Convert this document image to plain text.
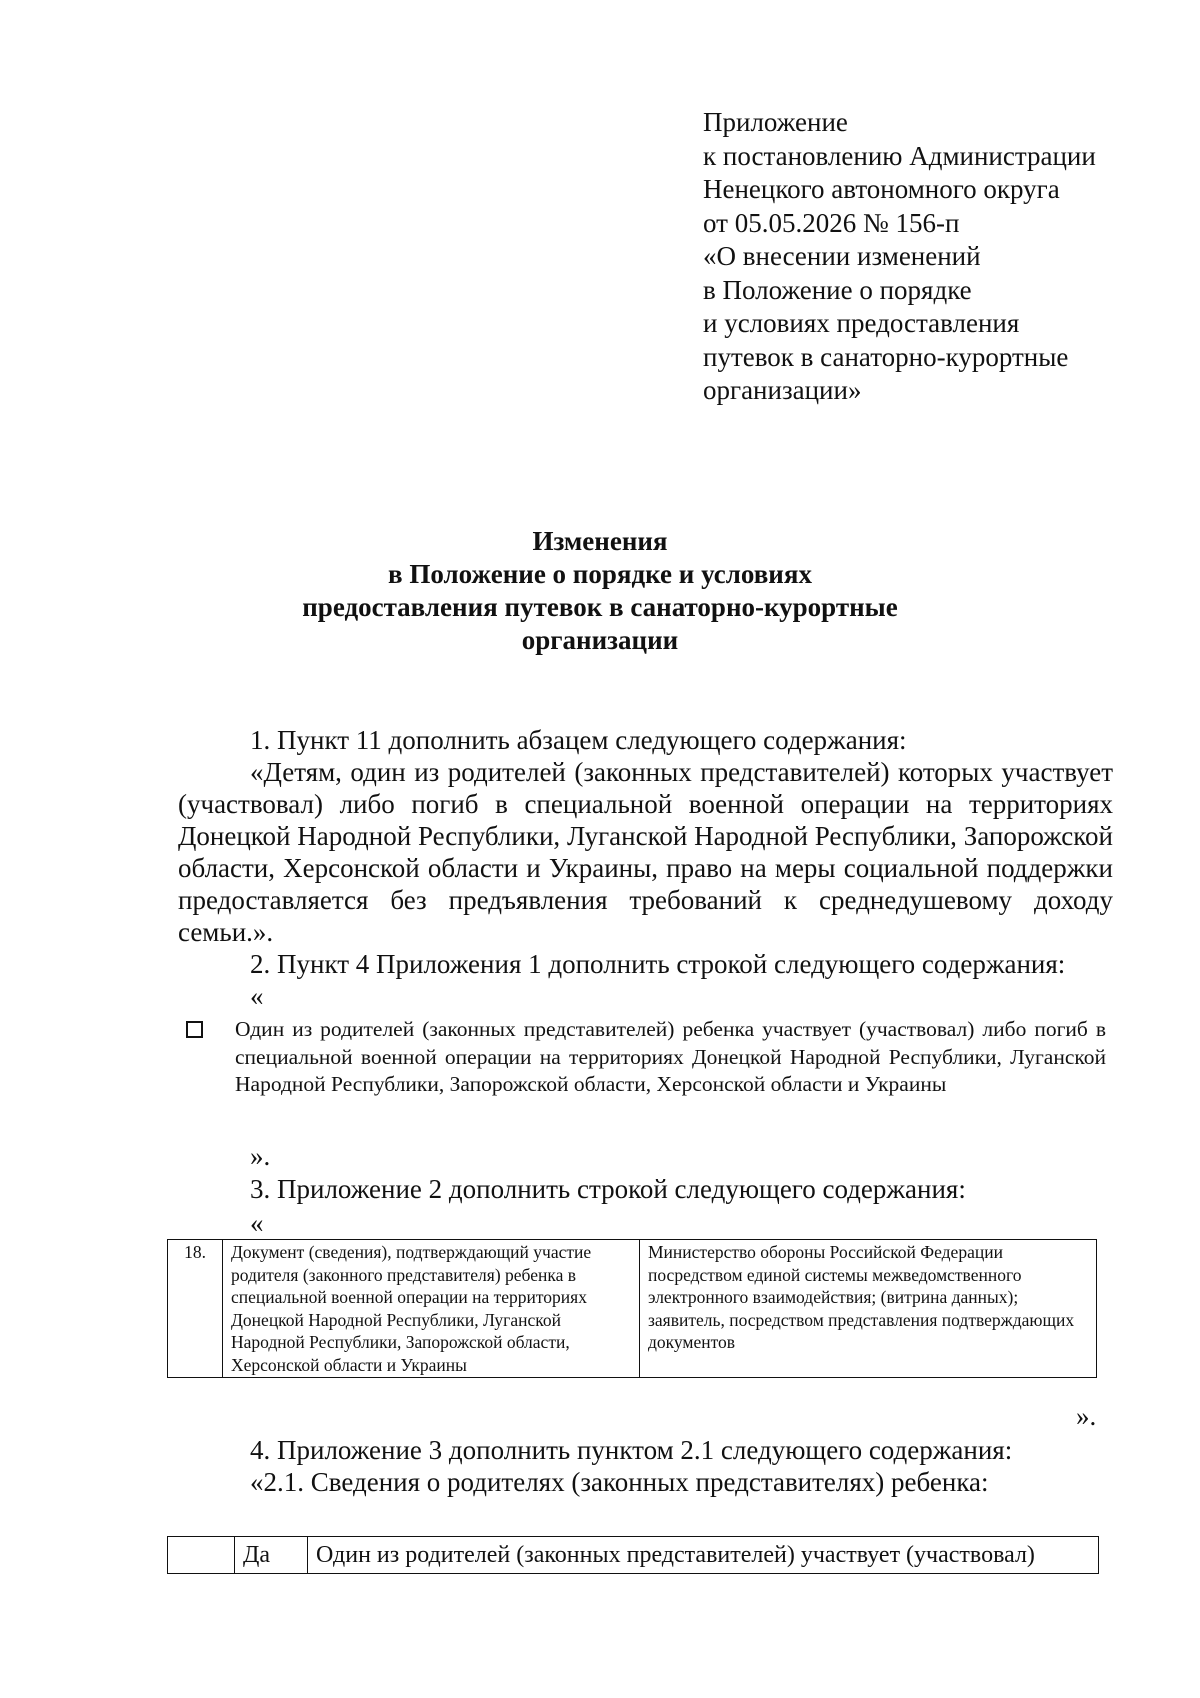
Приложение
к постановлению Администрации
Ненецкого автономного округа
от 05.05.2026 № 156-п
«О внесении изменений
в Положение о порядке
и условиях предоставления
путевок в санаторно-курортные
организации»
Изменения
в Положение о порядке и условиях
предоставления путевок в санаторно-курортные
организации
1. Пункт 11 дополнить абзацем следующего содержания:
«Детям, один из родителей (законных представителей) которых участвует (участвовал) либо погиб в специальной военной операции на территориях Донецкой Народной Республики, Луганской Народной Республики, Запорожской области, Херсонской области и Украины, право на меры социальной поддержки предоставляется без предъявления требований к среднедушевому доходу семьи.».
2. Пункт 4 Приложения 1 дополнить строкой следующего содержания:
«
Один из родителей (законных представителей) ребенка участвует (участвовал) либо погиб в специальной военной операции на территориях Донецкой Народной Республики, Луганской Народной Республики, Запорожской области, Херсонской области и Украины
».
3. Приложение 2 дополнить строкой следующего содержания:
«
18.	Документ (сведения), подтверждающий участие родителя (законного представителя) ребенка в специальной военной операции на территориях Донецкой Народной Республики, Луганской Народной Республики, Запорожской области, Херсонской области и Украины	Министерство обороны Российской Федерации посредством единой системы межведомственного электронного взаимодействия; (витрина данных); заявитель, посредством представления подтверждающих документов
».
4. Приложение 3 дополнить пунктом 2.1 следующего содержания:
«2.1. Сведения о родителях (законных представителях) ребенка:
	Да	Один из родителей (законных представителей) участвует (участвовал)
